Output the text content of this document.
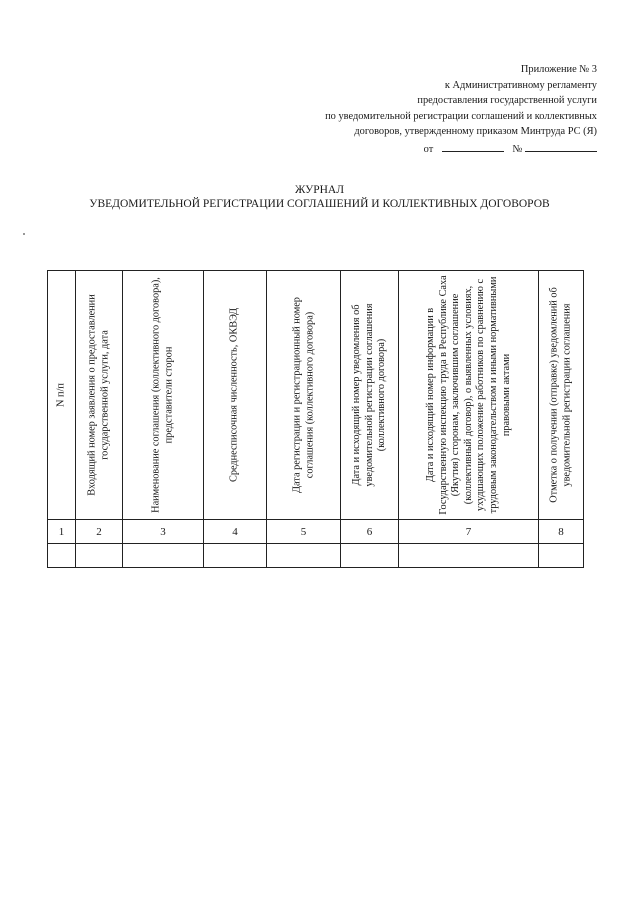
Приложение № 3
к Административному регламенту
предоставления государственной услуги
по уведомительной регистрации соглашений и коллективных
договоров, утвержденному приказом Минтруда РС (Я)
от	№
ЖУРНАЛ
УВЕДОМИТЕЛЬНОЙ РЕГИСТРАЦИИ СОГЛАШЕНИЙ И КОЛЛЕКТИВНЫХ ДОГОВОРОВ
N п/п	Входящий номер заявления о предоставлении государственной услуги, дата	Наименование соглашения (коллективного договора), представители сторон	Среднесписочная численность, ОКВЭД	Дата регистрации и регистрационный номер соглашения (коллективного договора)	Дата и исходящий номер уведомления об уведомительной регистрации соглашения (коллективного договора)	Дата и исходящий номер информации в Государственную инспекцию труда в Республике Саха (Якутия) сторонам, заключившим соглашение (коллективный договор), о выявленных условиях, ухудшающих положение работников по сравнению с трудовым законодательством и иными нормативными правовыми актами	Отметка о получении (отправке) уведомлений об уведомительной регистрации соглашения

1	2	3	4	5	6	7	8
